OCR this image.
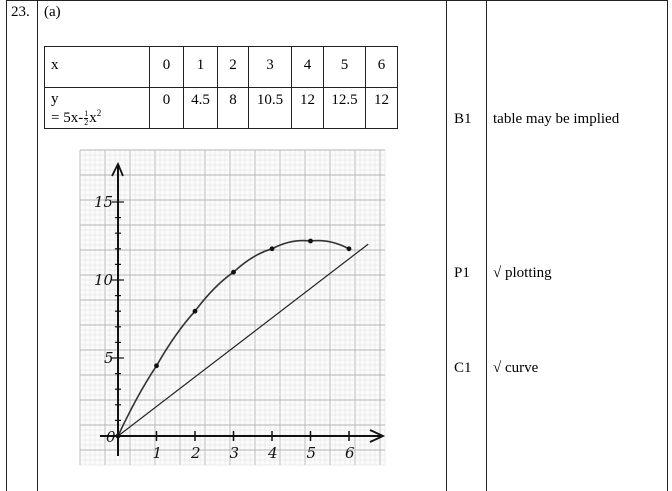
23. (a)
x	0	1	2	3	4	5	6
y
= $5x- \frac{1}{2} x^2$	0	4.5	8	10.5	12	12.5	12
0
1 2 3 4 5 6
5
10
15
B1 table may be implied
P1 √ plotting
C1 √ curve
